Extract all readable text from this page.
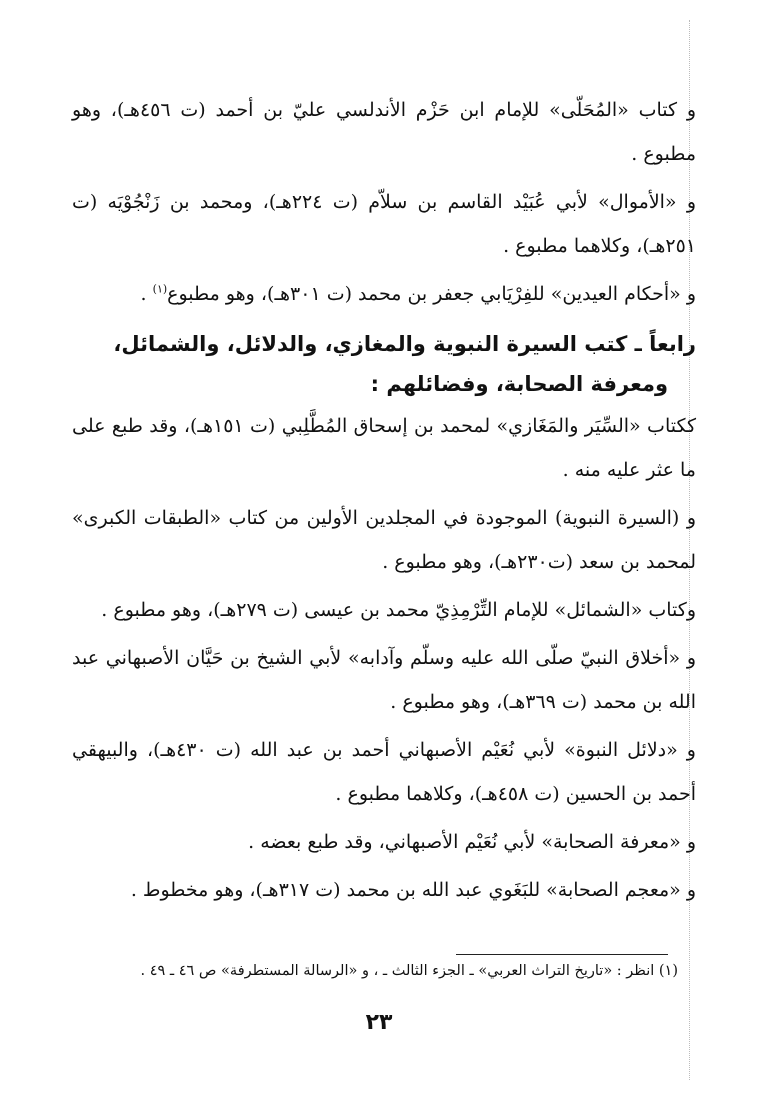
و كتاب «المُحَلّى» للإمام ابن حَزْم الأندلسي عليّ بن أحمد (ت ٤٥٦هـ)، وهو مطبوع .

و «الأموال» لأبي عُبَيْد القاسم بن سلاّم (ت ٢٢٤هـ)، ومحمد بن زَنْجُوْيَه (ت ٢٥١هـ)، وكلاهما مطبوع .

و «أحكام العيدين» للفِرْيَابي جعفر بن محمد (ت ٣٠١هـ)، وهو مطبوع$^{(١)}$ .

رابعاً ـ كتب السيرة النبوية والمغازي، والدلائل، والشمائل،
ومعرفة الصحابة، وفضائلهم :

ككتاب «السِّيَر والمَغَازي» لمحمد بن إسحاق المُطَّلِبي (ت ١٥١هـ)، وقد طبع على ما عثر عليه منه .

و (السيرة النبوية) الموجودة في المجلدين الأولين من كتاب «الطبقات الكبرى» لمحمد بن سعد (ت٢٣٠هـ)، وهو مطبوع .

وكتاب «الشمائل» للإمام التِّرْمِذِيّ محمد بن عيسى (ت ٢٧٩هـ)، وهو مطبوع .

و «أخلاق النبيّ صلّى الله عليه وسلّم وآدابه» لأبي الشيخ بن حَيَّان الأصبهاني عبد الله بن محمد (ت ٣٦٩هـ)، وهو مطبوع .

و «دلائل النبوة» لأبي نُعَيْم الأصبهاني أحمد بن عبد الله (ت ٤٣٠هـ)، والبيهقي أحمد بن الحسين (ت ٤٥٨هـ)، وكلاهما مطبوع .

و «معرفة الصحابة» لأبي نُعَيْم الأصبهاني، وقد طبع بعضه .

و «معجم الصحابة» للبَغَوي عبد الله بن محمد (ت ٣١٧هـ)، وهو مخطوط .

(١) انظر : «تاريخ التراث العربي» ـ الجزء الثالث ـ ، و «الرسالة المستطرفة» ص ٤٦ ـ ٤٩ .
٢٣
